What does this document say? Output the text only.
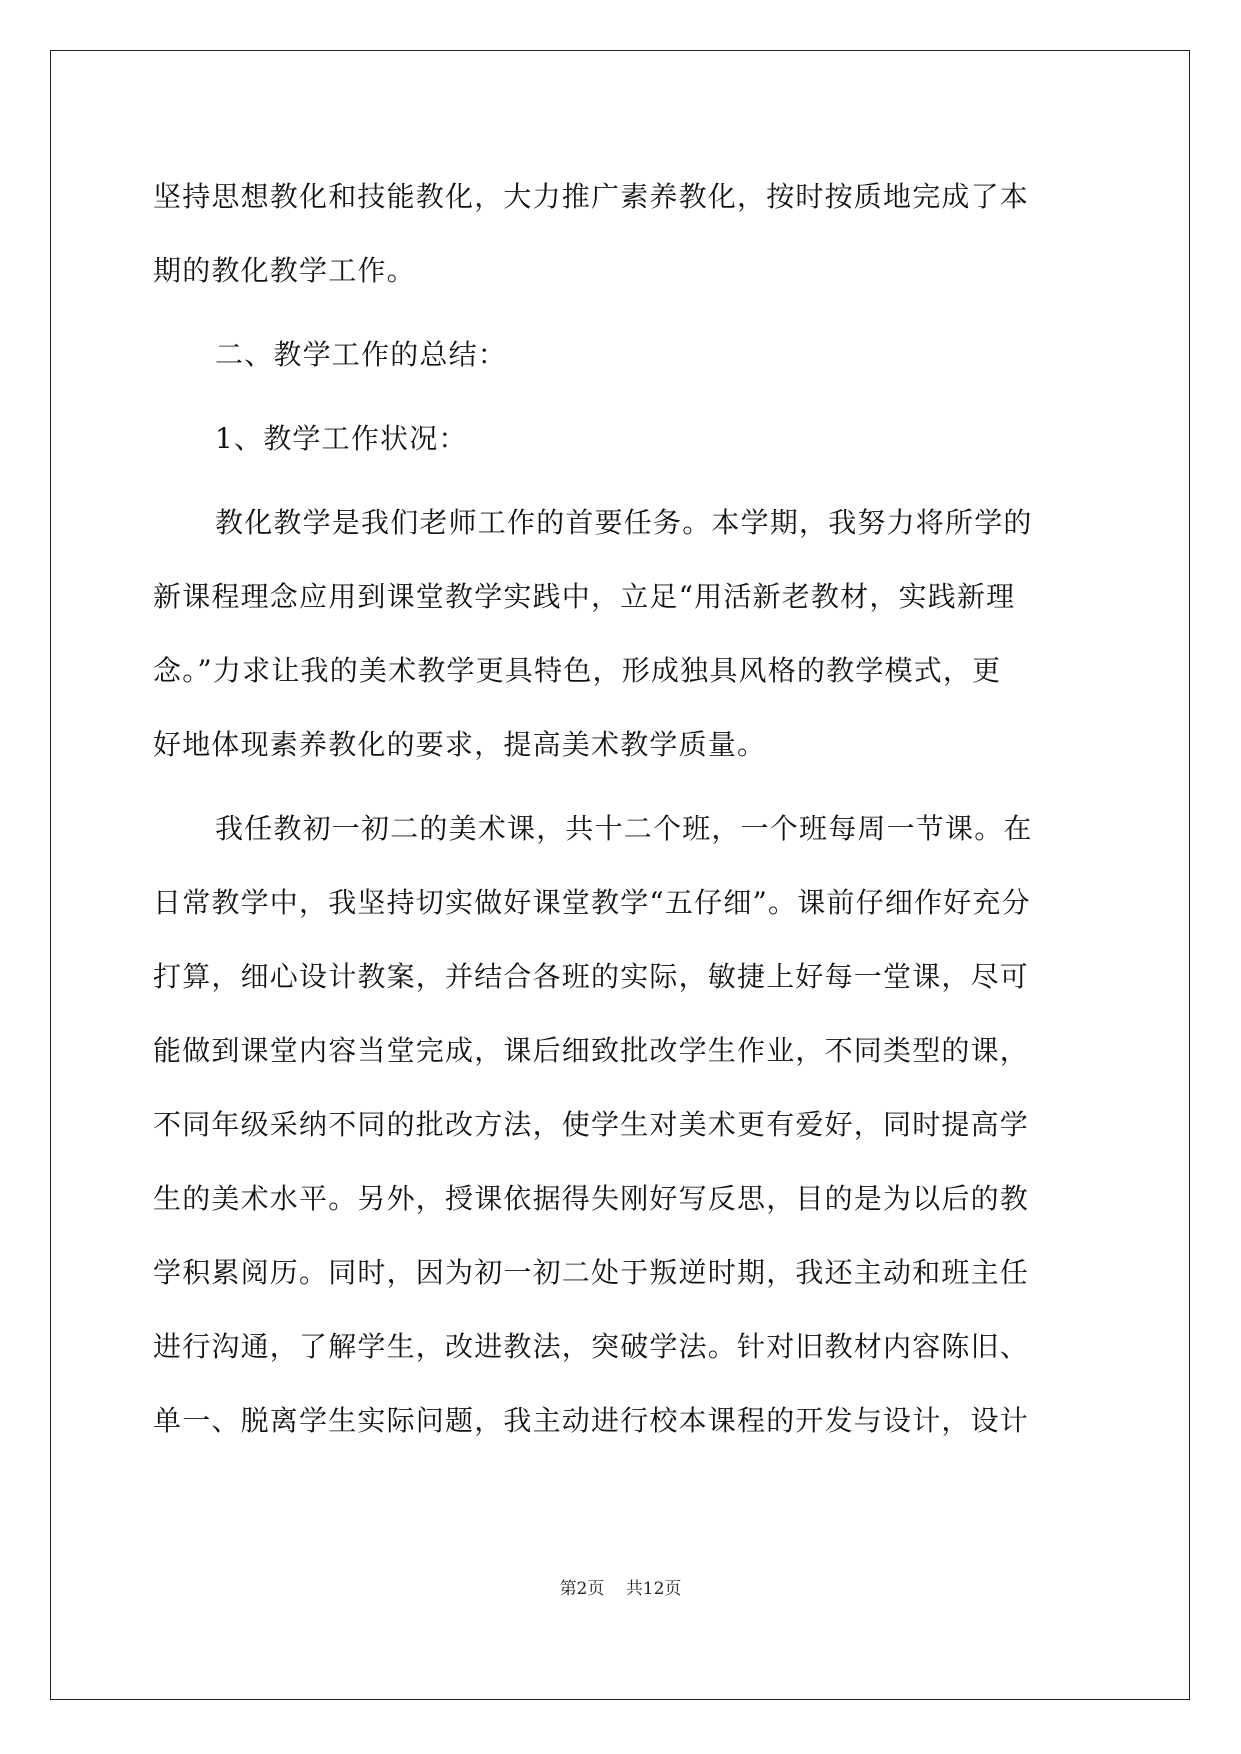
坚持思想教化和技能教化，大力推广素养教化，按时按质地完成了本
期的教化教学工作。
二、教学工作的总结：
1、教学工作状况：
教化教学是我们老师工作的首要任务。本学期，我努力将所学的
新课程理念应用到课堂教学实践中，立足“用活新老教材，实践新理
念。”力求让我的美术教学更具特色，形成独具风格的教学模式，更
好地体现素养教化的要求，提高美术教学质量。
我任教初一初二的美术课，共十二个班，一个班每周一节课。在
日常教学中，我坚持切实做好课堂教学“五仔细”。课前仔细作好充分
打算，细心设计教案，并结合各班的实际，敏捷上好每一堂课，尽可
能做到课堂内容当堂完成，课后细致批改学生作业，不同类型的课，
不同年级采纳不同的批改方法，使学生对美术更有爱好，同时提高学
生的美术水平。另外，授课依据得失刚好写反思，目的是为以后的教
学积累阅历。同时，因为初一初二处于叛逆时期，我还主动和班主任
进行沟通，了解学生，改进教法，突破学法。针对旧教材内容陈旧、
单一、脱离学生实际问题，我主动进行校本课程的开发与设计，设计
第2页 共12页
